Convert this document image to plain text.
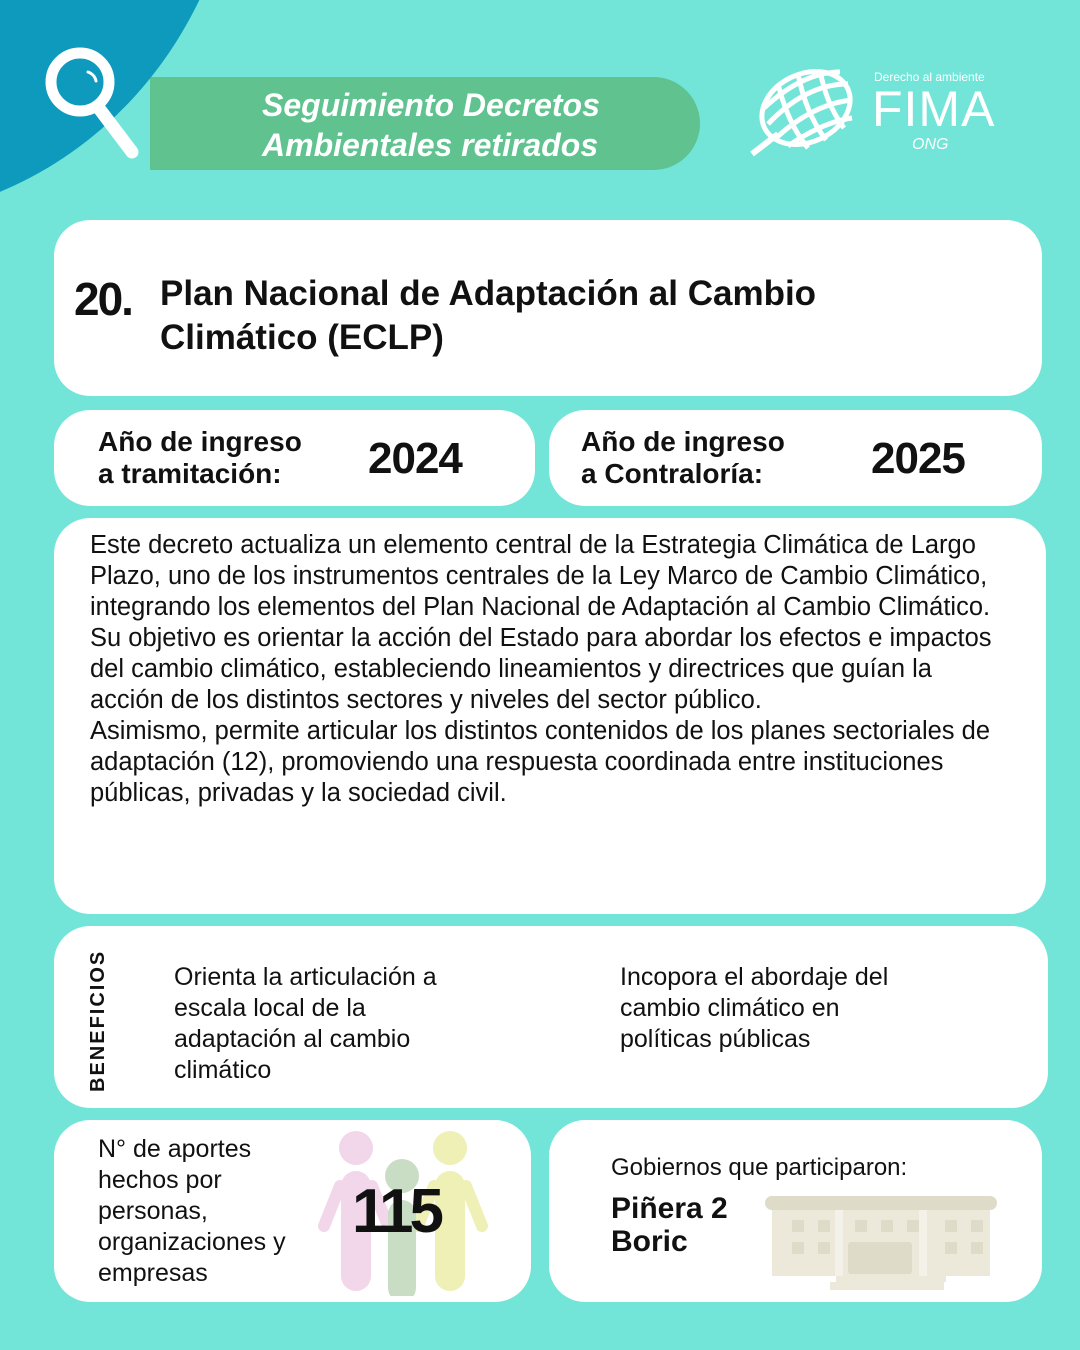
Seguimiento Decretos
Ambientales retirados
Derecho al ambiente
FIMA
ONG
20. Plan Nacional de Adaptación al Cambio
Climático (ECLP)
Año de ingreso
a tramitación:	2024	Año de ingreso
a Contraloría:	2025

Este decreto actualiza un elemento central de la Estrategia Climática de Largo Plazo, uno de los instrumentos centrales de la Ley Marco de Cambio Climático, integrando los elementos del Plan Nacional de Adaptación al Cambio Climático.

Su objetivo es orientar la acción del Estado para abordar los efectos e impactos del cambio climático, estableciendo lineamientos y directrices que guían la acción de los distintos sectores y niveles del sector público.

Asimismo, permite articular los distintos contenidos de los planes sectoriales de adaptación (12), promoviendo una respuesta coordinada entre instituciones públicas, privadas y la sociedad civil.

BENEFICIOS	Orienta la articulación a escala local de la adaptación al cambio climático
Incopora el abordaje del cambio climático en políticas públicas
N° de aportes hechos por personas, organizaciones y empresas
115
Gobiernos que participaron:
Piñera 2
Boric
